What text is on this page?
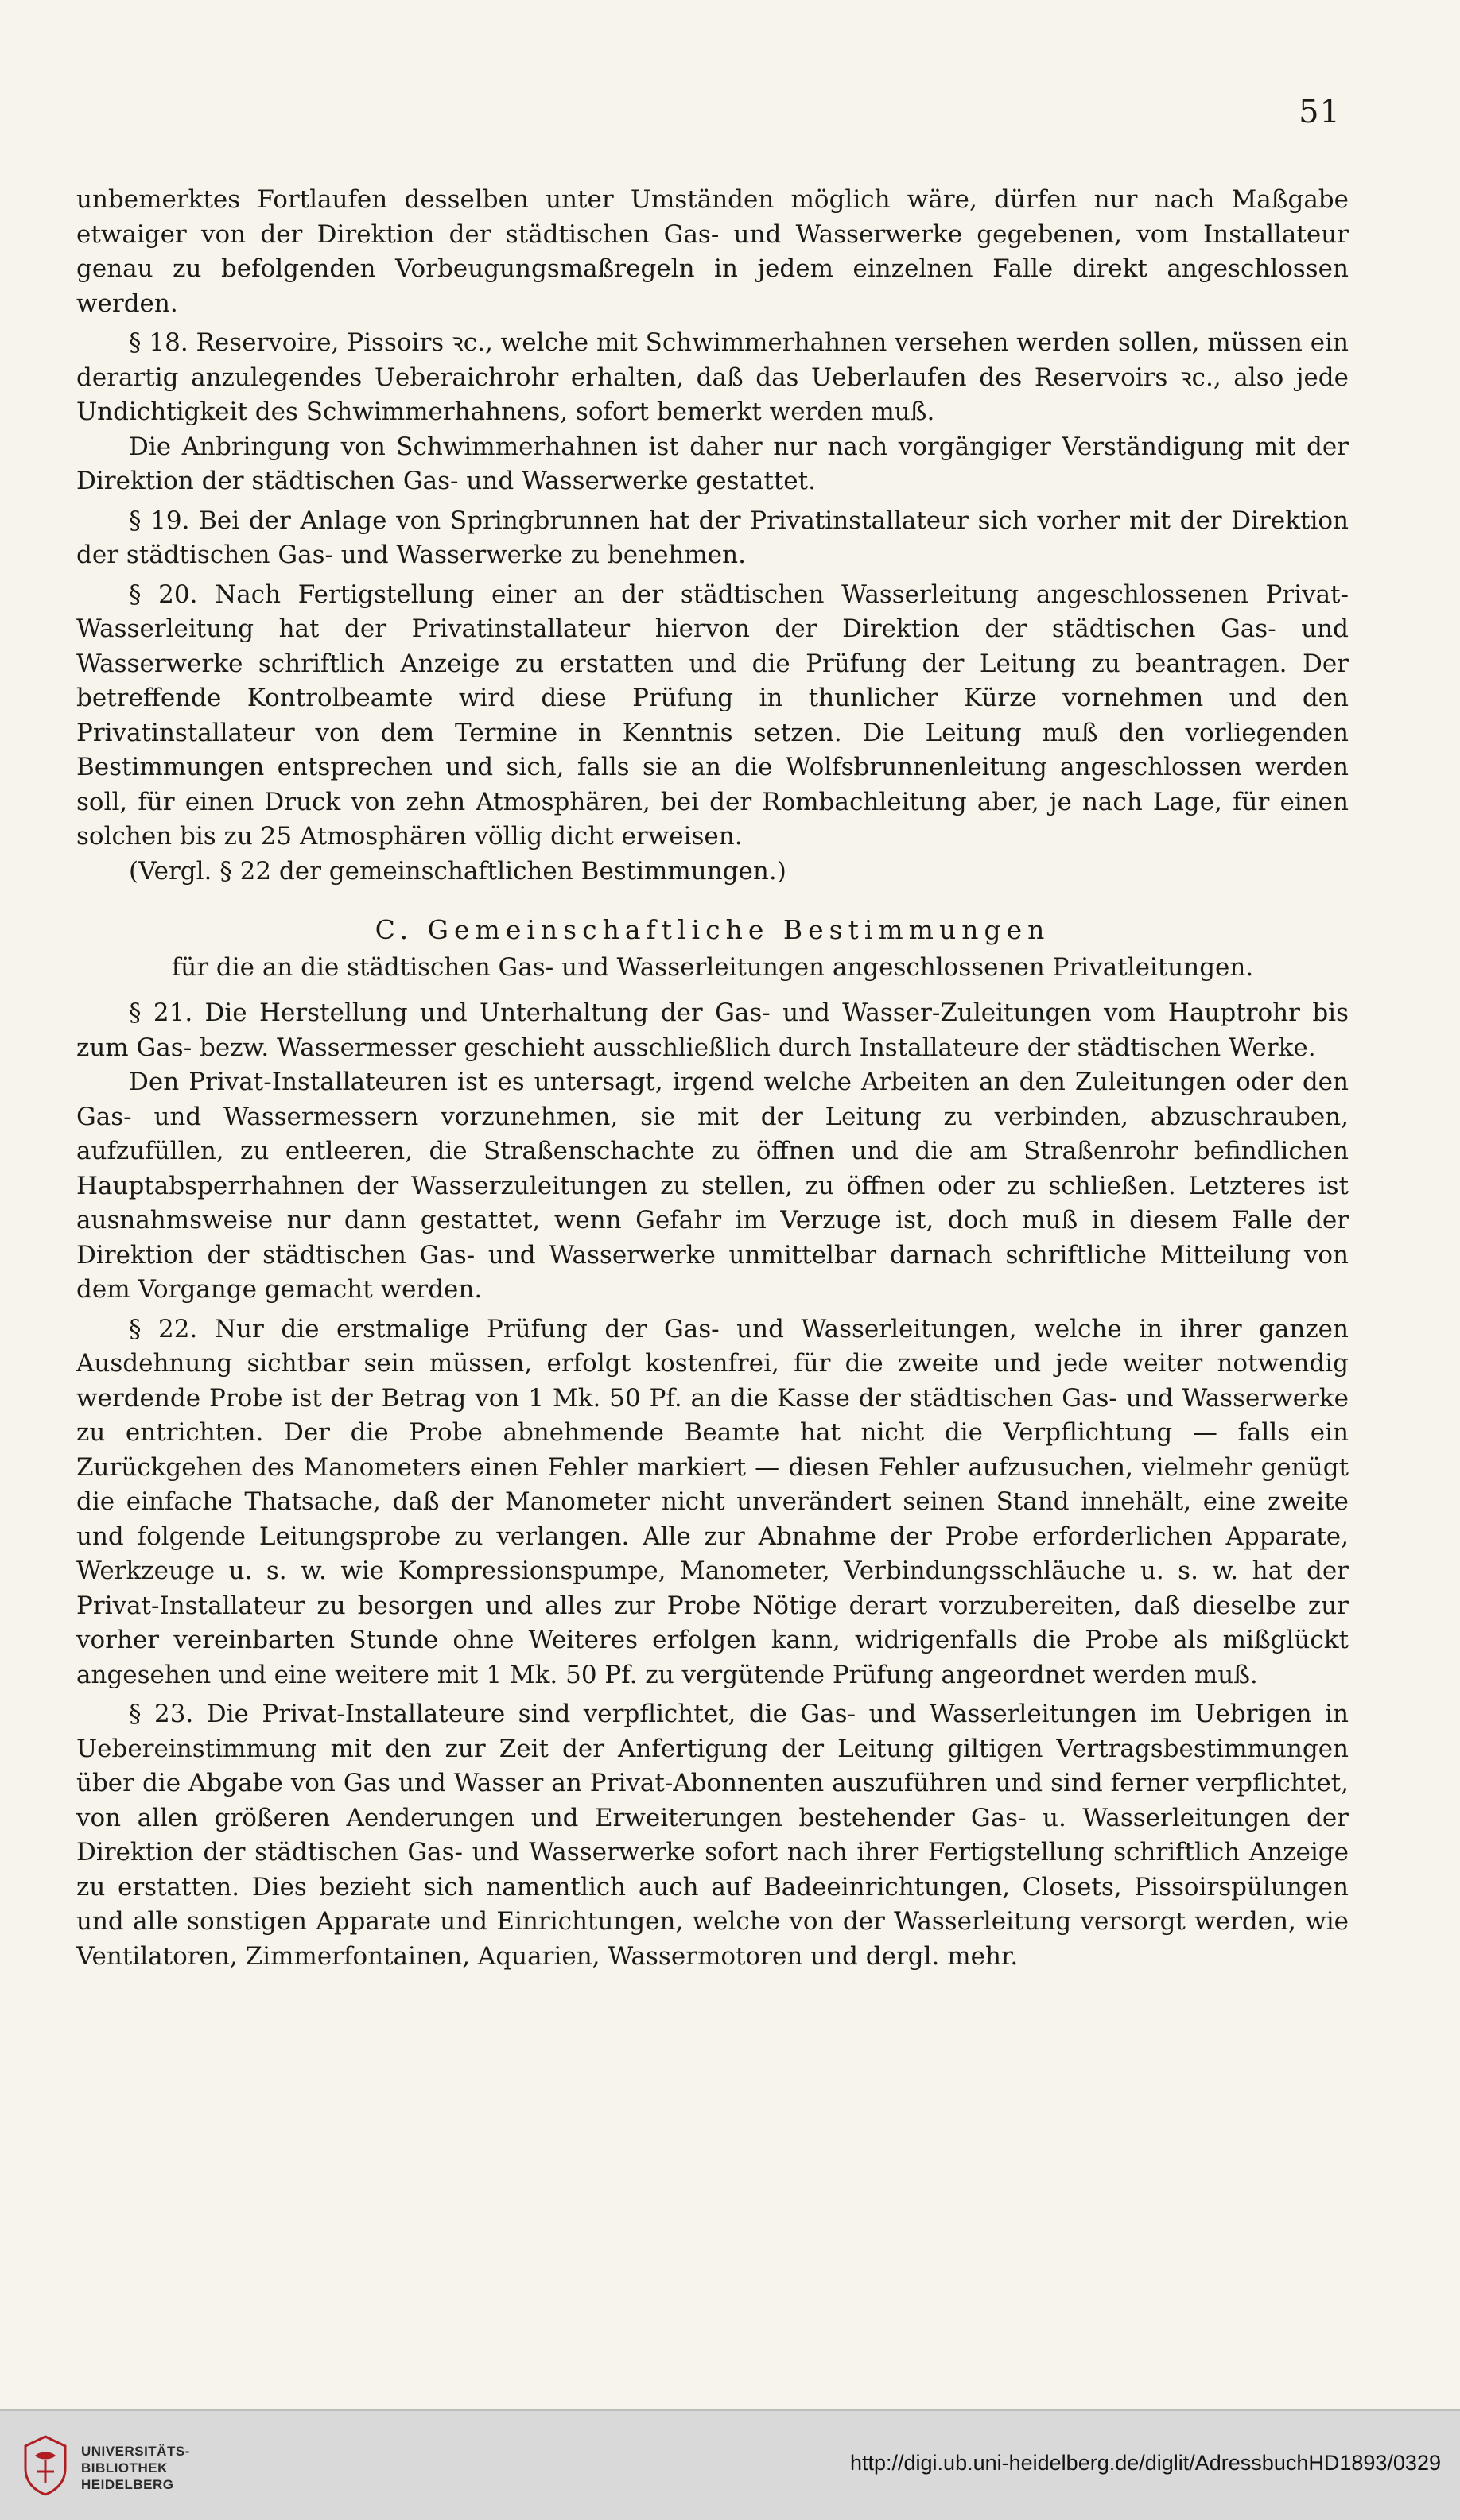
51

unbemerktes Fortlaufen desselben unter Umständen möglich wäre, dürfen nur nach Maßgabe etwaiger von der Direktion der städtischen Gas- und Wasserwerke gegebenen, vom Installateur genau zu befolgenden Vorbeugungsmaßregeln in jedem einzelnen Falle direkt angeschlossen werden.

§ 18. Reservoire, Pissoirs ꝛc., welche mit Schwimmerhahnen versehen werden sollen, müssen ein derartig anzulegendes Ueberaichrohr erhalten, daß das Ueberlaufen des Reservoirs ꝛc., also jede Undichtigkeit des Schwimmerhahnens, sofort bemerkt werden muß.

Die Anbringung von Schwimmerhahnen ist daher nur nach vorgängiger Verständigung mit der Direktion der städtischen Gas- und Wasserwerke gestattet.

§ 19. Bei der Anlage von Springbrunnen hat der Privatinstallateur sich vorher mit der Direktion der städtischen Gas- und Wasserwerke zu benehmen.

§ 20. Nach Fertigstellung einer an der städtischen Wasserleitung angeschlossenen Privat-Wasserleitung hat der Privatinstallateur hiervon der Direktion der städtischen Gas- und Wasserwerke schriftlich Anzeige zu erstatten und die Prüfung der Leitung zu beantragen. Der betreffende Kontrolbeamte wird diese Prüfung in thunlicher Kürze vornehmen und den Privatinstallateur von dem Termine in Kenntnis setzen. Die Leitung muß den vorliegenden Bestimmungen entsprechen und sich, falls sie an die Wolfsbrunnenleitung angeschlossen werden soll, für einen Druck von zehn Atmosphären, bei der Rombachleitung aber, je nach Lage, für einen solchen bis zu 25 Atmosphären völlig dicht erweisen.

(Vergl. § 22 der gemeinschaftlichen Bestimmungen.)

C. Gemeinschaftliche Bestimmungen
für die an die städtischen Gas- und Wasserleitungen angeschlossenen Privatleitungen.

§ 21. Die Herstellung und Unterhaltung der Gas- und Wasser-Zuleitungen vom Hauptrohr bis zum Gas- bezw. Wassermesser geschieht ausschließlich durch Installateure der städtischen Werke.

Den Privat-Installateuren ist es untersagt, irgend welche Arbeiten an den Zuleitungen oder den Gas- und Wassermessern vorzunehmen, sie mit der Leitung zu verbinden, abzuschrauben, aufzufüllen, zu entleeren, die Straßenschachte zu öffnen und die am Straßenrohr befindlichen Hauptabsperrhahnen der Wasserzuleitungen zu stellen, zu öffnen oder zu schließen. Letzteres ist ausnahmsweise nur dann gestattet, wenn Gefahr im Verzuge ist, doch muß in diesem Falle der Direktion der städtischen Gas- und Wasserwerke unmittelbar darnach schriftliche Mitteilung von dem Vorgange gemacht werden.

§ 22. Nur die erstmalige Prüfung der Gas- und Wasserleitungen, welche in ihrer ganzen Ausdehnung sichtbar sein müssen, erfolgt kostenfrei, für die zweite und jede weiter notwendig werdende Probe ist der Betrag von 1 Mk. 50 Pf. an die Kasse der städtischen Gas- und Wasserwerke zu entrichten. Der die Probe abnehmende Beamte hat nicht die Verpflichtung — falls ein Zurückgehen des Manometers einen Fehler markiert — diesen Fehler aufzusuchen, vielmehr genügt die einfache Thatsache, daß der Manometer nicht unverändert seinen Stand innehält, eine zweite und folgende Leitungsprobe zu verlangen. Alle zur Abnahme der Probe erforderlichen Apparate, Werkzeuge u. s. w. wie Kompressionspumpe, Manometer, Verbindungsschläuche u. s. w. hat der Privat-Installateur zu besorgen und alles zur Probe Nötige derart vorzubereiten, daß dieselbe zur vorher vereinbarten Stunde ohne Weiteres erfolgen kann, widrigenfalls die Probe als mißglückt angesehen und eine weitere mit 1 Mk. 50 Pf. zu vergütende Prüfung angeordnet werden muß.

§ 23. Die Privat-Installateure sind verpflichtet, die Gas- und Wasserleitungen im Uebrigen in Uebereinstimmung mit den zur Zeit der Anfertigung der Leitung giltigen Vertragsbestimmungen über die Abgabe von Gas und Wasser an Privat-Abonnenten auszuführen und sind ferner verpflichtet, von allen größeren Aenderungen und Erweiterungen bestehender Gas- u. Wasserleitungen der Direktion der städtischen Gas- und Wasserwerke sofort nach ihrer Fertigstellung schriftlich Anzeige zu erstatten. Dies bezieht sich namentlich auch auf Badeeinrichtungen, Closets, Pissoirspülungen und alle sonstigen Apparate und Einrichtungen, welche von der Wasserleitung versorgt werden, wie Ventilatoren, Zimmerfontainen, Aquarien, Wassermotoren und dergl. mehr.

UNIVERSITÄTS-
BIBLIOTHEK
HEIDELBERG
http://digi.ub.uni-heidelberg.de/diglit/AdressbuchHD1893/0329
